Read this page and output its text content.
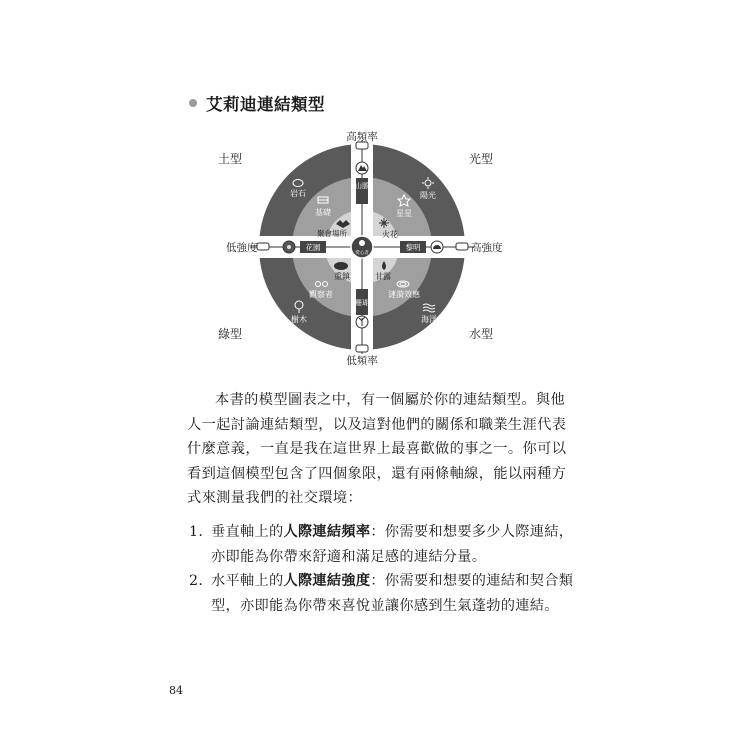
艾莉迪連結類型
高頻率
低頻率
低強度	高強度
土型	光型
綠型	水型
山脈
珊瑚
花園	黎明
愛心者
岩石	陽光
樹木	海洋
基礎	星星
觀察者	漣漪效應
聚會場所	火花
重鎮	甘露

本書的模型圖表之中，有一個屬於你的連結類型。與他人一起討論連結類型，以及這對他們的關係和職業生涯代表什麼意義，一直是我在這世界上最喜歡做的事之一。你可以看到這個模型包含了四個象限，還有兩條軸線，能以兩種方式來測量我們的社交環境：

1. 垂直軸上的人際連結頻率：你需要和想要多少人際連結，亦即能為你帶來舒適和滿足感的連結分量。
2. 水平軸上的人際連結強度：你需要和想要的連結和契合類型，亦即能為你帶來喜悅並讓你感到生氣蓬勃的連結。
84
